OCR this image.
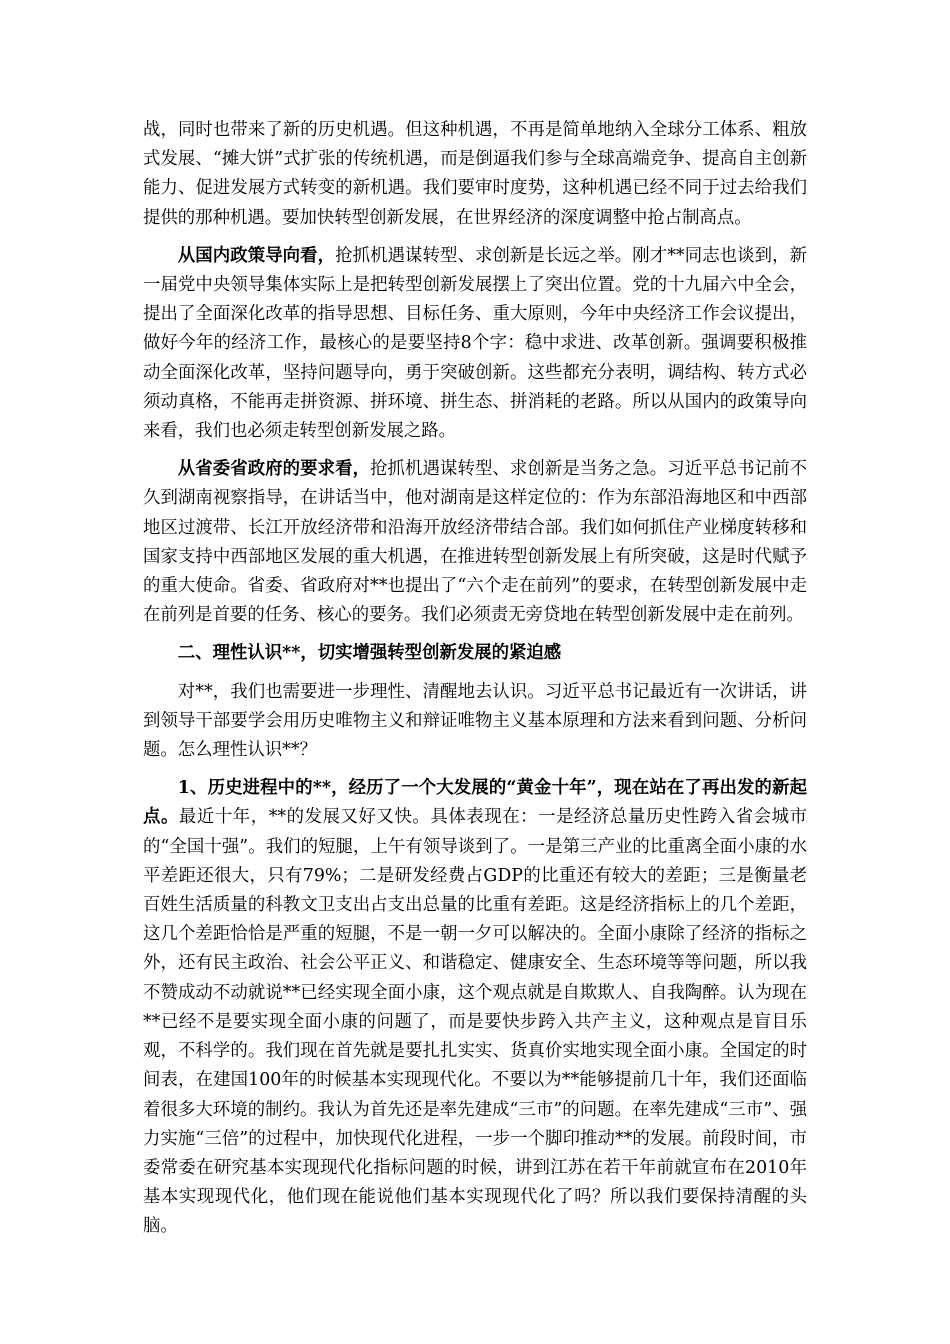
战，同时也带来了新的历史机遇。但这种机遇，不再是简单地纳入全球分工体系、粗放式发展、“摊大饼”式扩张的传统机遇，而是倒逼我们参与全球高端竞争、提高自主创新能力、促进发展方式转变的新机遇。我们要审时度势，这种机遇已经不同于过去给我们提供的那种机遇。要加快转型创新发展，在世界经济的深度调整中抢占制高点。

从国内政策导向看，抢抓机遇谋转型、求创新是长远之举。刚才**同志也谈到，新一届党中央领导集体实际上是把转型创新发展摆上了突出位置。党的十九届六中全会，提出了全面深化改革的指导思想、目标任务、重大原则，今年中央经济工作会议提出，做好今年的经济工作，最核心的是要坚持8个字：稳中求进、改革创新。强调要积极推动全面深化改革，坚持问题导向，勇于突破创新。这些都充分表明，调结构、转方式必须动真格，不能再走拼资源、拼环境、拼生态、拼消耗的老路。所以从国内的政策导向来看，我们也必须走转型创新发展之路。

从省委省政府的要求看，抢抓机遇谋转型、求创新是当务之急。习近平总书记前不久到湖南视察指导，在讲话当中，他对湖南是这样定位的：作为东部沿海地区和中西部地区过渡带、长江开放经济带和沿海开放经济带结合部。我们如何抓住产业梯度转移和国家支持中西部地区发展的重大机遇，在推进转型创新发展上有所突破，这是时代赋予的重大使命。省委、省政府对**也提出了“六个走在前列”的要求，在转型创新发展中走在前列是首要的任务、核心的要务。我们必须责无旁贷地在转型创新发展中走在前列。

二、理性认识**，切实增强转型创新发展的紧迫感

对**，我们也需要进一步理性、清醒地去认识。习近平总书记最近有一次讲话，讲到领导干部要学会用历史唯物主义和辩证唯物主义基本原理和方法来看到问题、分析问题。怎么理性认识**？

1、历史进程中的**，经历了一个大发展的“黄金十年”，现在站在了再出发的新起点。最近十年，**的发展又好又快。具体表现在：一是经济总量历史性跨入省会城市的“全国十强”。我们的短腿，上午有领导谈到了。一是第三产业的比重离全面小康的水平差距还很大，只有79%；二是研发经费占GDP的比重还有较大的差距；三是衡量老百姓生活质量的科教文卫支出占支出总量的比重有差距。这是经济指标上的几个差距，这几个差距恰恰是严重的短腿，不是一朝一夕可以解决的。全面小康除了经济的指标之外，还有民主政治、社会公平正义、和谐稳定、健康安全、生态环境等等问题，所以我不赞成动不动就说**已经实现全面小康，这个观点就是自欺欺人、自我陶醉。认为现在**已经不是要实现全面小康的问题了，而是要快步跨入共产主义，这种观点是盲目乐观，不科学的。我们现在首先就是要扎扎实实、货真价实地实现全面小康。全国定的时间表，在建国100年的时候基本实现现代化。不要以为**能够提前几十年，我们还面临着很多大环境的制约。我认为首先还是率先建成“三市”的问题。在率先建成“三市”、强力实施“三倍”的过程中，加快现代化进程，一步一个脚印推动**的发展。前段时间，市委常委在研究基本实现现代化指标问题的时候，讲到江苏在若干年前就宣布在2010年基本实现现代化，他们现在能说他们基本实现现代化了吗？所以我们要保持清醒的头脑。
